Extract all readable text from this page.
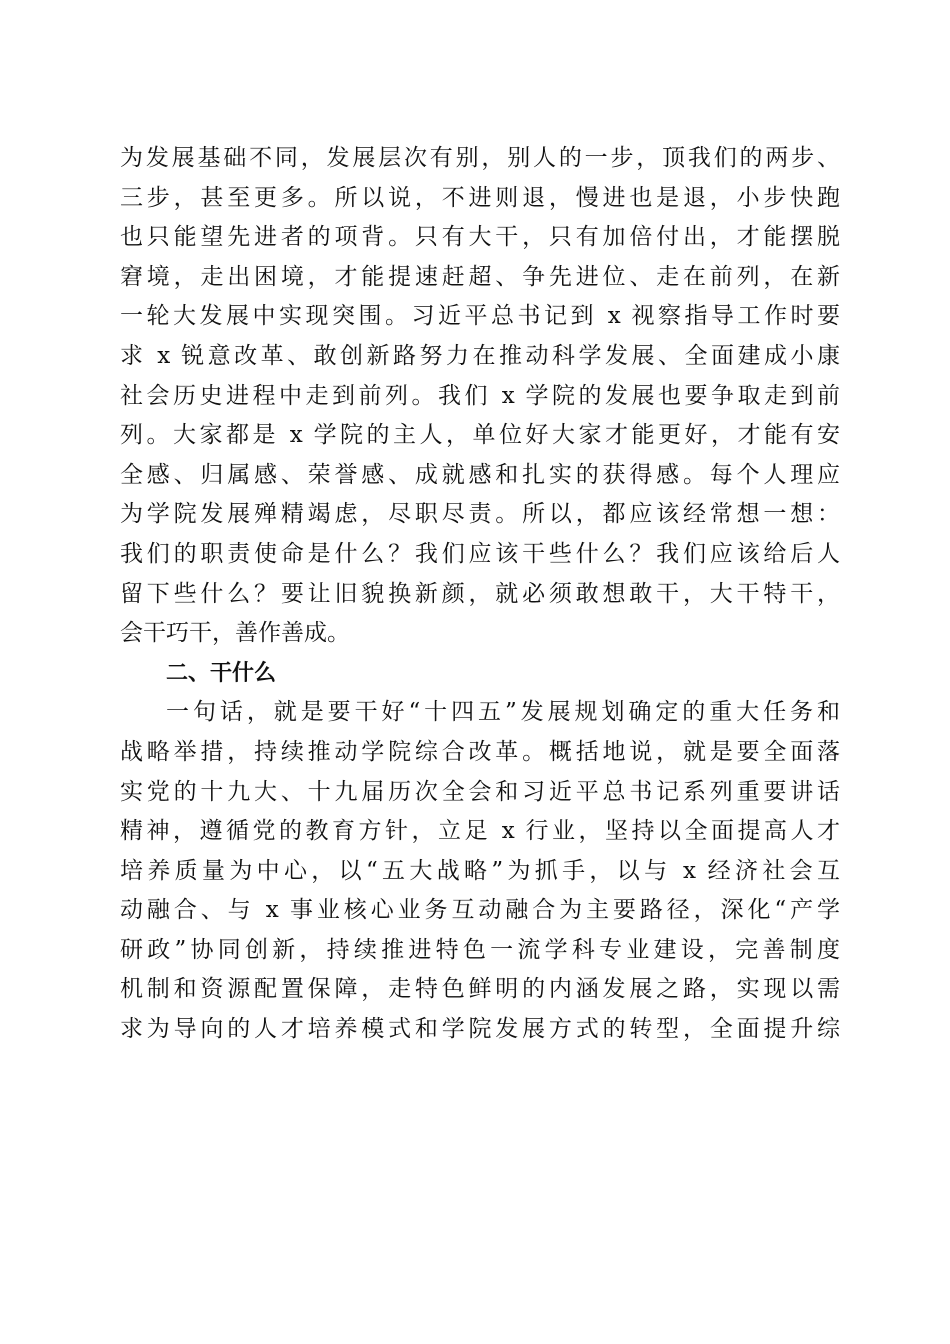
为发展基础不同，发展层次有别，别人的一步，顶我们的两步、
三步，甚至更多。所以说，不进则退，慢进也是退，小步快跑
也只能望先进者的项背。只有大干，只有加倍付出，才能摆脱
窘境，走出困境，才能提速赶超、争先进位、走在前列，在新
一轮大发展中实现突围。习近平总书记到 x 视察指导工作时要
求 x 锐意改革、敢创新路努力在推动科学发展、全面建成小康
社会历史进程中走到前列。我们 x 学院的发展也要争取走到前
列。大家都是 x 学院的主人，单位好大家才能更好，才能有安
全感、归属感、荣誉感、成就感和扎实的获得感。每个人理应
为学院发展殚精竭虑，尽职尽责。所以，都应该经常想一想：
我们的职责使命是什么？我们应该干些什么？我们应该给后人
留下些什么？要让旧貌换新颜，就必须敢想敢干，大干特干，
会干巧干，善作善成。
二、干什么
一句话，就是要干好“十四五”发展规划确定的重大任务和
战略举措，持续推动学院综合改革。概括地说，就是要全面落
实党的十九大、十九届历次全会和习近平总书记系列重要讲话
精神，遵循党的教育方针，立足 x 行业，坚持以全面提高人才
培养质量为中心，以“五大战略”为抓手，以与 x 经济社会互
动融合、与 x 事业核心业务互动融合为主要路径，深化“产学
研政”协同创新，持续推进特色一流学科专业建设，完善制度
机制和资源配置保障，走特色鲜明的内涵发展之路，实现以需
求为导向的人才培养模式和学院发展方式的转型，全面提升综
